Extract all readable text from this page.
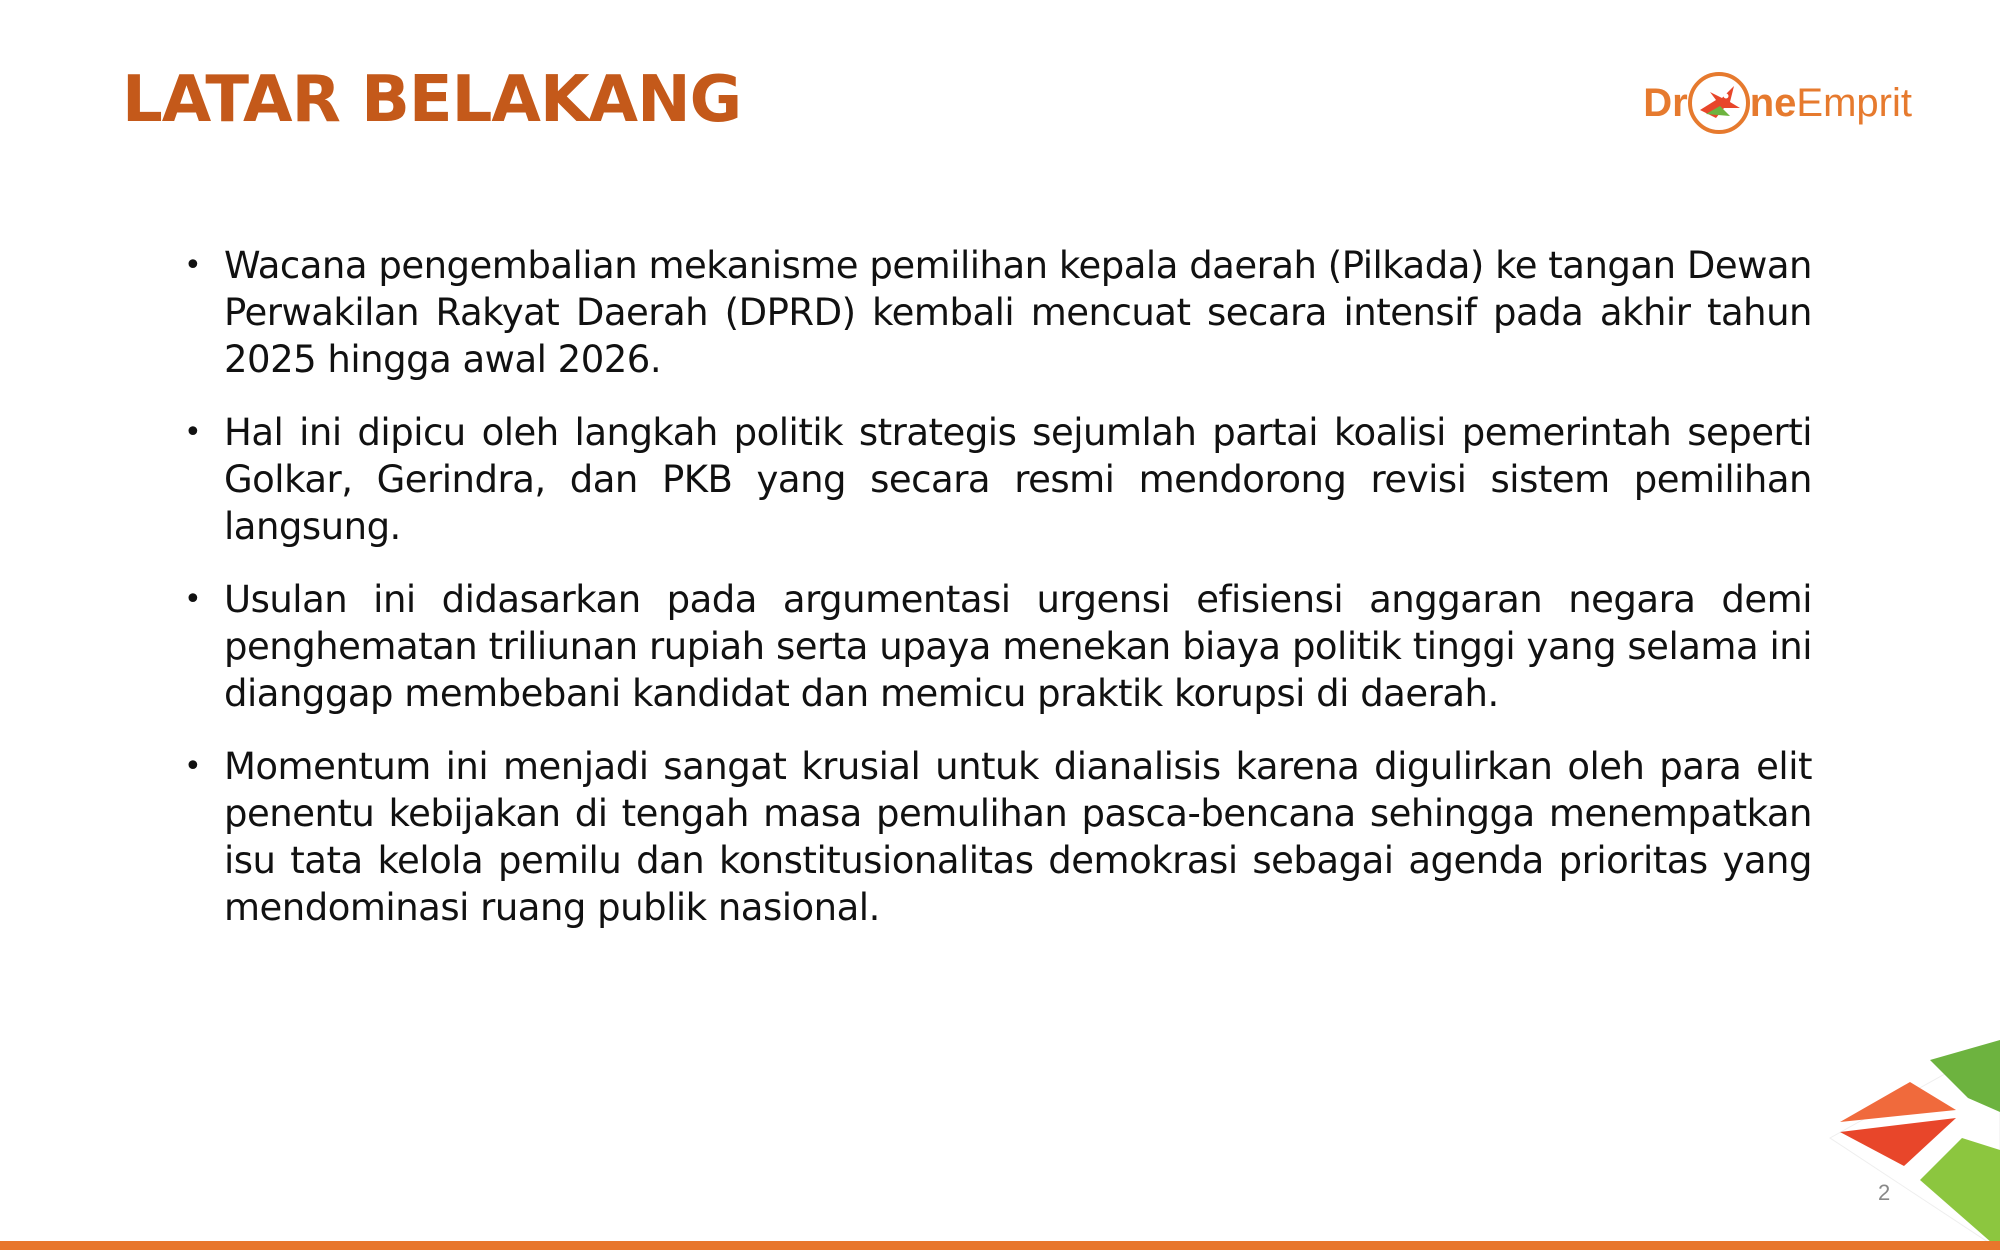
LATAR BELAKANG	Dr ne Emprit
• Wacana pengembalian mekanisme pemilihan kepala daerah (Pilkada) ke tangan Dewan Perwakilan Rakyat Daerah (DPRD) kembali mencuat secara intensif pada akhir tahun 2025 hingga awal 2026.
• Hal ini dipicu oleh langkah politik strategis sejumlah partai koalisi pemerintah seperti Golkar, Gerindra, dan PKB yang secara resmi mendorong revisi sistem pemilihan langsung.
• Usulan ini didasarkan pada argumentasi urgensi efisiensi anggaran negara demi penghematan triliunan rupiah serta upaya menekan biaya politik tinggi yang selama ini dianggap membebani kandidat dan memicu praktik korupsi di daerah.
• Momentum ini menjadi sangat krusial untuk dianalisis karena digulirkan oleh para elit penentu kebijakan di tengah masa pemulihan pasca-bencana sehingga menempatkan isu tata kelola pemilu dan konstitusionalitas demokrasi sebagai agenda prioritas yang mendominasi ruang publik nasional.
2
